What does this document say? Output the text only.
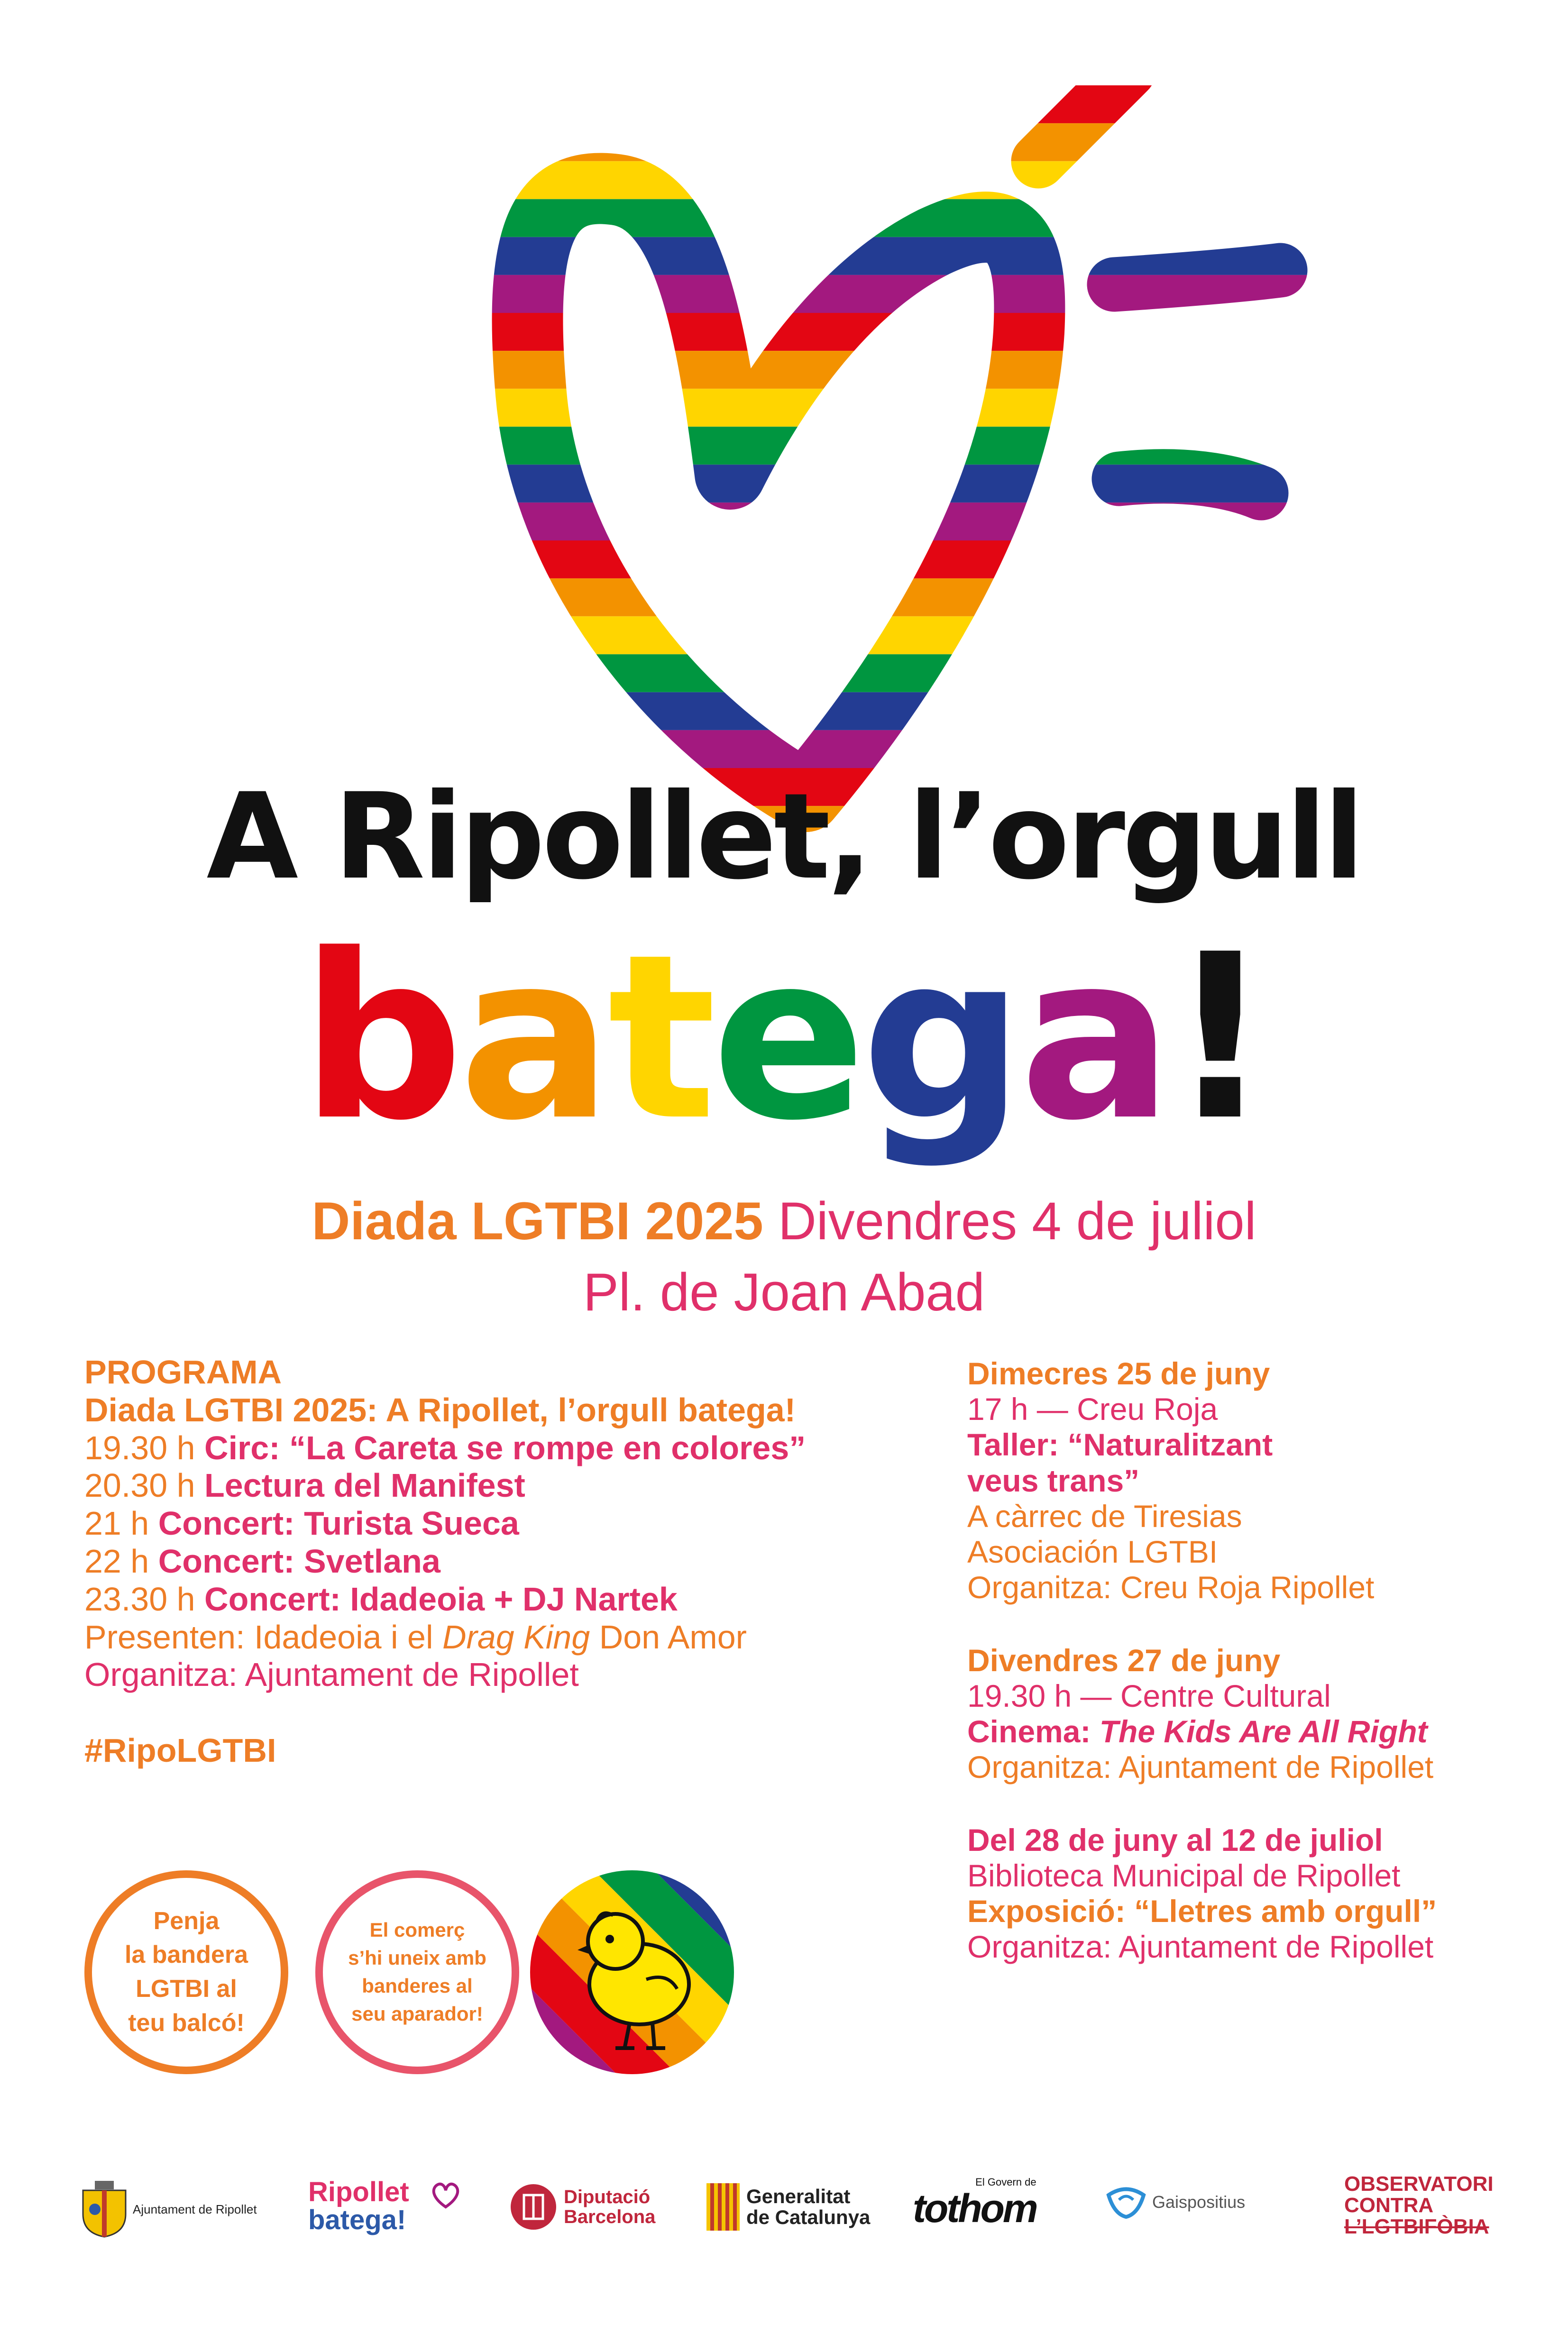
A Ripollet, l’orgull
batega!
Diada LGTBI 2025 Divendres 4 de juliol
Pl. de Joan Abad
PROGRAMA
Diada LGTBI 2025: A Ripollet, l’orgull batega!
19.30 h Circ: “La Careta se rompe en colores”
20.30 h Lectura del Manifest
21 h Concert: Turista Sueca
22 h Concert: Svetlana
23.30 h Concert: Idadeoia + DJ Nartek
Presenten: Idadeoia i el Drag King Don Amor
Organitza: Ajuntament de Ripollet
#RipoLGTBI
Dimecres 25 de juny
17 h — Creu Roja
Taller: “Naturalitzant
veus trans”
A càrrec de Tiresias
Asociación LGTBI
Organitza: Creu Roja Ripollet
Divendres 27 de juny
19.30 h — Centre Cultural
Cinema: The Kids Are All Right
Organitza: Ajuntament de Ripollet
Del 28 de juny al 12 de juliol
Biblioteca Municipal de Ripollet
Exposició: “Lletres amb orgull”
Organitza: Ajuntament de Ripollet
Penja
la bandera
LGTBI al
teu balcó!
El comerç
s’hi uneix amb
banderes al
seu aparador!
Ajuntament de Ripollet
Ripollet
batega!
Diputació
Barcelona
Generalitat
de Catalunya
El Govern de
tothom	Gaispositius
OBSERVATORI
CONTRA
L’LGTBIFÒBIA
